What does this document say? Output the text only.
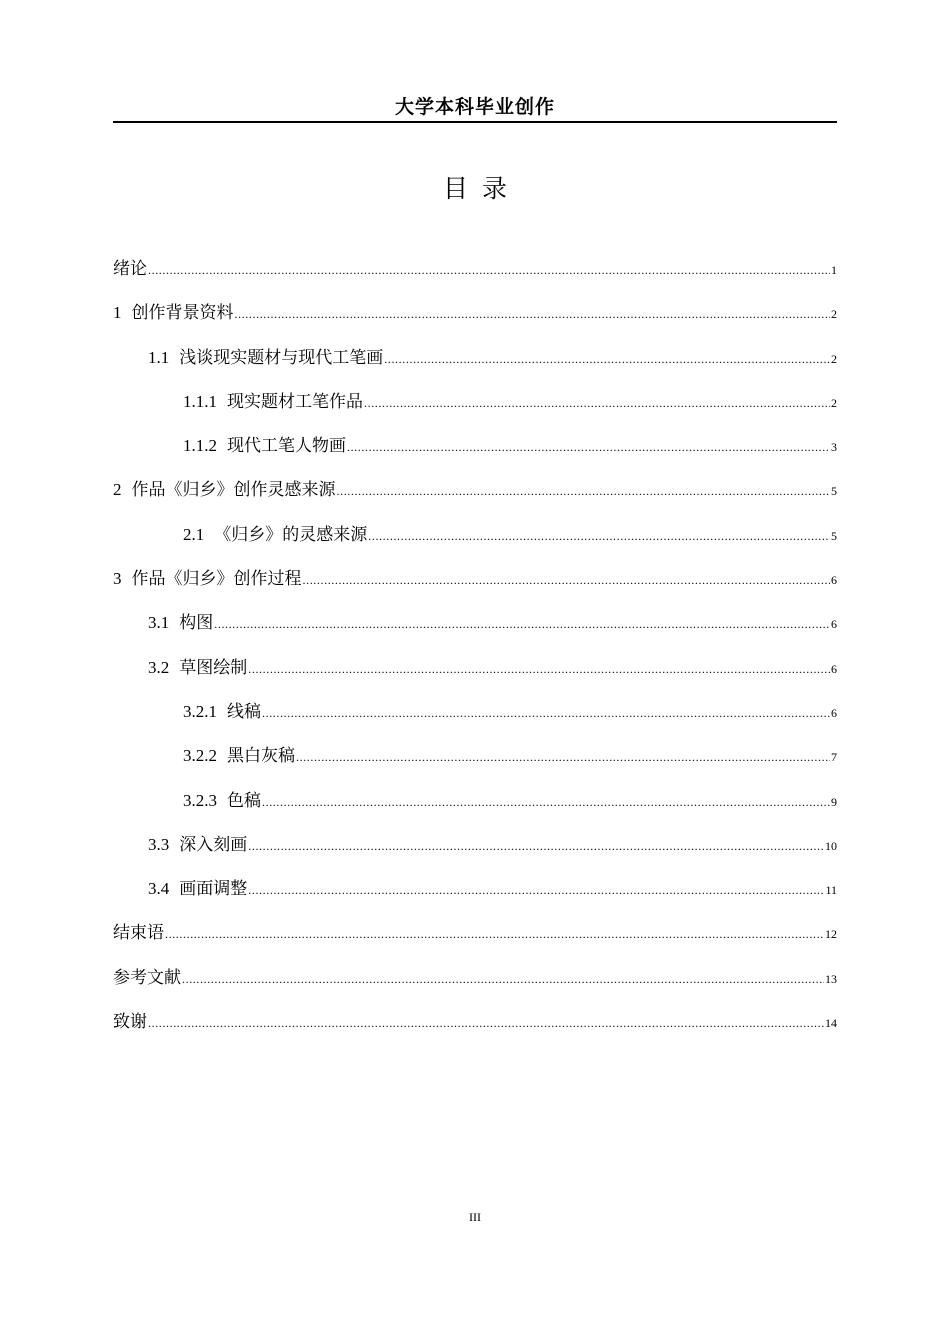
大学本科毕业创作
目录
绪论 .....	1
1 创作背景资料 .....	2
1.1 浅谈现实题材与现代工笔画 .....	2
1.1.1 现实题材工笔作品 .....	2
1.1.2 现代工笔人物画 .....	3
2 作品《归乡》创作灵感来源 .....	5
2.1 《归乡》的灵感来源 .....	5
3 作品《归乡》创作过程 .....	6
3.1 构图 .....	6
3.2 草图绘制 .....	6
3.2.1 线稿 .....	6
3.2.2 黑白灰稿 .....	7
3.2.3 色稿 .....	9
3.3 深入刻画 .....	10
3.4 画面调整 .....	11
结束语 .....	12
参考文献 .....	13
致谢 .....	14
III
